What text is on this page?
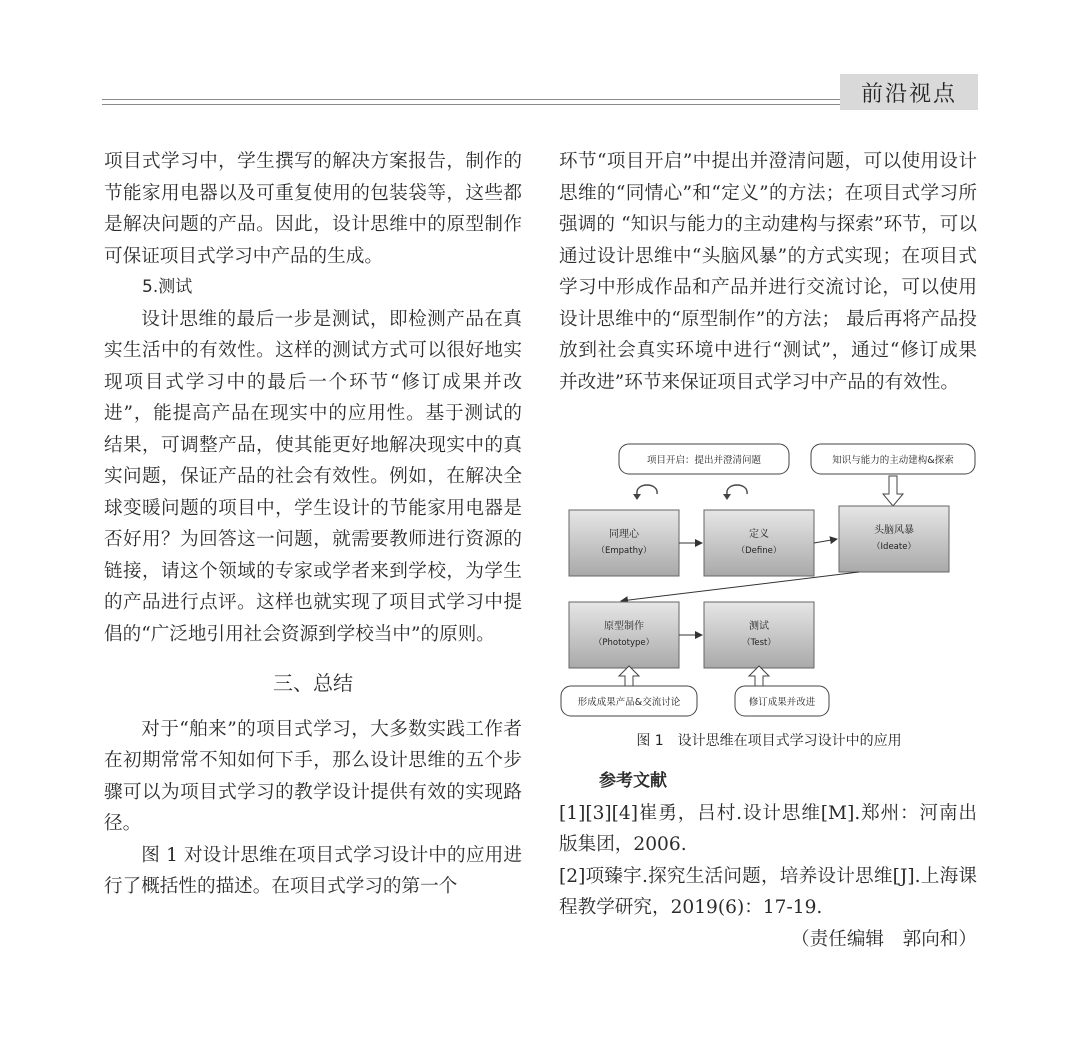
前沿视点

项目式学习中，学生撰写的解决方案报告，制作的节能家用电器以及可重复使用的包装袋等，这些都是解决问题的产品。因此，设计思维中的原型制作可保证项目式学习中产品的生成。

5.测试

设计思维的最后一步是测试，即检测产品在真实生活中的有效性。这样的测试方式可以很好地实现项目式学习中的最后一个环节“修订成果并改进”，能提高产品在现实中的应用性。基于测试的结果，可调整产品，使其能更好地解决现实中的真实问题，保证产品的社会有效性。例如，在解决全球变暖问题的项目中，学生设计的节能家用电器是否好用？为回答这一问题，就需要教师进行资源的链接，请这个领域的专家或学者来到学校，为学生的产品进行点评。这样也就实现了项目式学习中提倡的“广泛地引用社会资源到学校当中”的原则。

三、总结

对于“舶来”的项目式学习，大多数实践工作者在初期常常不知如何下手，那么设计思维的五个步骤可以为项目式学习的教学设计提供有效的实现路径。

图 1 对设计思维在项目式学习设计中的应用进行了概括性的描述。在项目式学习的第一个

环节“项目开启”中提出并澄清问题，可以使用设计思维的“同情心”和“定义”的方法；在项目式学习所强调的 “知识与能力的主动建构与探索”环节，可以通过设计思维中“头脑风暴”的方式实现；在项目式学习中形成作品和产品并进行交流讨论，可以使用设计思维中的“原型制作”的方法； 最后再将产品投放到社会真实环境中进行“测试”，通过“修订成果并改进”环节来保证项目式学习中产品的有效性。

项目开启：提出并澄清问题	知识与能力的主动建构&探索
同理心
（Empathy）
定义
（Define）
头脑风暴
（Ideate）
原型制作
（Phototype）
测试
（Test）
形成成果产品&交流讨论	修订成果并改进
图 1　设计思维在项目式学习设计中的应用

参考文献

[1][3][4]崔勇，吕村.设计思维[M].郑州：河南出版集团，2006.

[2]项臻宇.探究生活问题，培养设计思维[J].上海课程教学研究，2019(6)：17-19.

（责任编辑　郭向和）
